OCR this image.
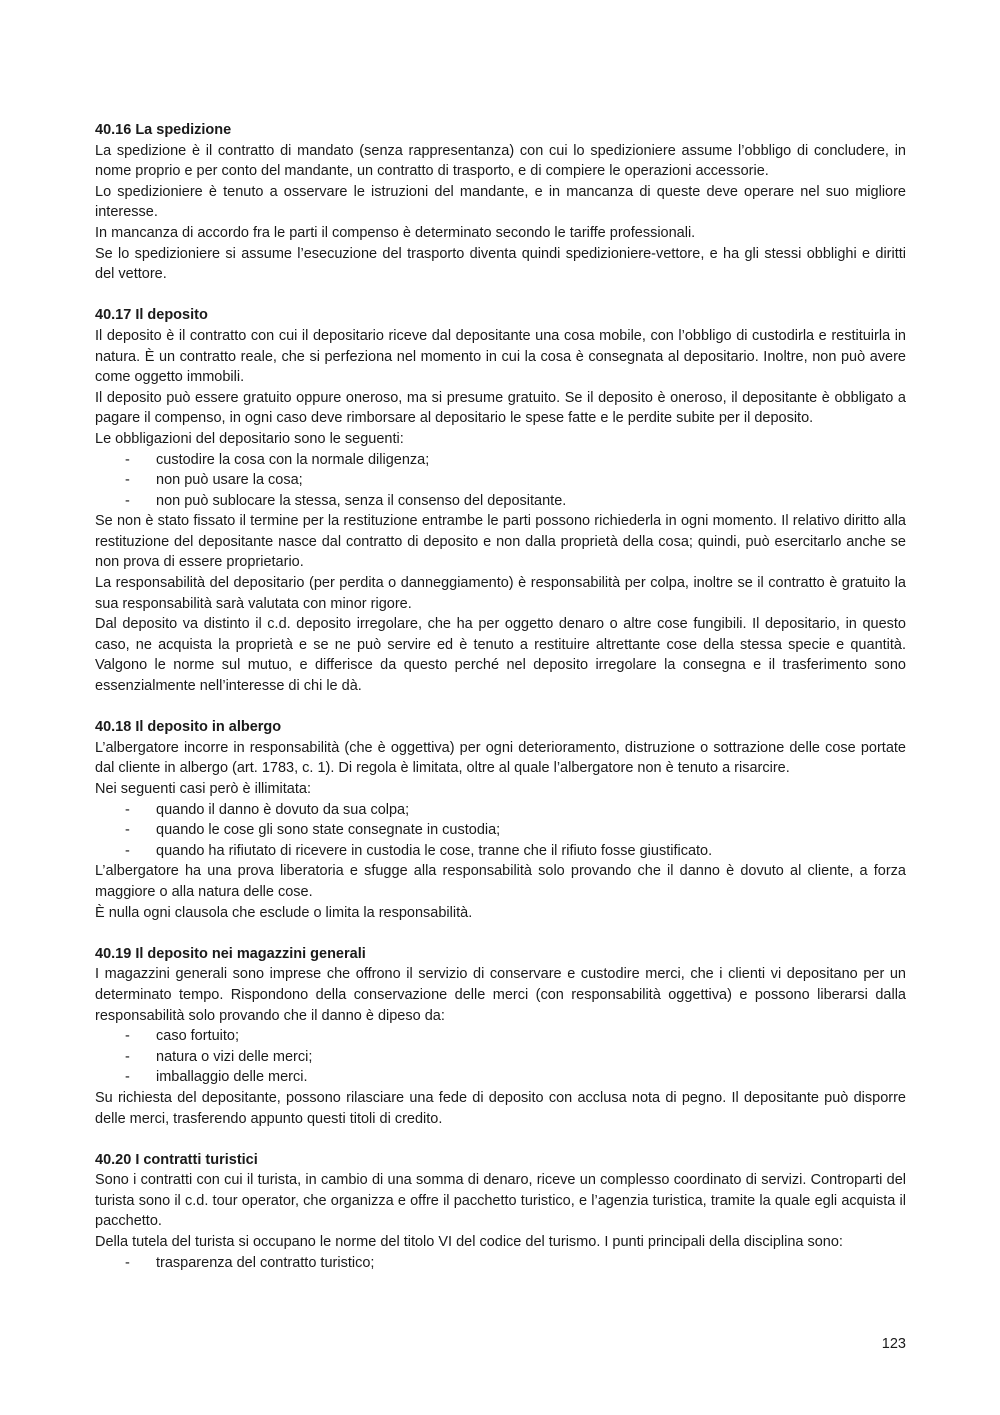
40.16 La spedizione

La spedizione è il contratto di mandato (senza rappresentanza) con cui lo spedizioniere assume l’obbligo di concludere, in nome proprio e per conto del mandante, un contratto di trasporto, e di compiere le operazioni accessorie.

Lo spedizioniere è tenuto a osservare le istruzioni del mandante, e in mancanza di queste deve operare nel suo migliore interesse.

In mancanza di accordo fra le parti il compenso è determinato secondo le tariffe professionali.

Se lo spedizioniere si assume l’esecuzione del trasporto diventa quindi spedizioniere-vettore, e ha gli stessi obblighi e diritti del vettore.

40.17 Il deposito

Il deposito è il contratto con cui il depositario riceve dal depositante una cosa mobile, con l’obbligo di custodirla e restituirla in natura. È un contratto reale, che si perfeziona nel momento in cui la cosa è consegnata al depositario. Inoltre, non può avere come oggetto immobili.

Il deposito può essere gratuito oppure oneroso, ma si presume gratuito. Se il deposito è oneroso, il depositante è obbligato a pagare il compenso, in ogni caso deve rimborsare al depositario le spese fatte e le perdite subite per il deposito.

Le obbligazioni del depositario sono le seguenti:

- custodire la cosa con la normale diligenza;
- non può usare la cosa;
- non può sublocare la stessa, senza il consenso del depositante.

Se non è stato fissato il termine per la restituzione entrambe le parti possono richiederla in ogni momento. Il relativo diritto alla restituzione del depositante nasce dal contratto di deposito e non dalla proprietà della cosa; quindi, può esercitarlo anche se non prova di essere proprietario.

La responsabilità del depositario (per perdita o danneggiamento) è responsabilità per colpa, inoltre se il contratto è gratuito la sua responsabilità sarà valutata con minor rigore.

Dal deposito va distinto il c.d. deposito irregolare, che ha per oggetto denaro o altre cose fungibili. Il depositario, in questo caso, ne acquista la proprietà e se ne può servire ed è tenuto a restituire altrettante cose della stessa specie e quantità. Valgono le norme sul mutuo, e differisce da questo perché nel deposito irregolare la consegna e il trasferimento sono essenzialmente nell’interesse di chi le dà.

40.18 Il deposito in albergo

L’albergatore incorre in responsabilità (che è oggettiva) per ogni deterioramento, distruzione o sottrazione delle cose portate dal cliente in albergo (art. 1783, c. 1). Di regola è limitata, oltre al quale l’albergatore non è tenuto a risarcire.

Nei seguenti casi però è illimitata:

- quando il danno è dovuto da sua colpa;
- quando le cose gli sono state consegnate in custodia;
- quando ha rifiutato di ricevere in custodia le cose, tranne che il rifiuto fosse giustificato.

L’albergatore ha una prova liberatoria e sfugge alla responsabilità solo provando che il danno è dovuto al cliente, a forza maggiore o alla natura delle cose.

È nulla ogni clausola che esclude o limita la responsabilità.

40.19 Il deposito nei magazzini generali

I magazzini generali sono imprese che offrono il servizio di conservare e custodire merci, che i clienti vi depositano per un determinato tempo. Rispondono della conservazione delle merci (con responsabilità oggettiva) e possono liberarsi dalla responsabilità solo provando che il danno è dipeso da:

- caso fortuito;
- natura o vizi delle merci;
- imballaggio delle merci.

Su richiesta del depositante, possono rilasciare una fede di deposito con acclusa nota di pegno. Il depositante può disporre delle merci, trasferendo appunto questi titoli di credito.

40.20 I contratti turistici

Sono i contratti con cui il turista, in cambio di una somma di denaro, riceve un complesso coordinato di servizi. Controparti del turista sono il c.d. tour operator, che organizza e offre il pacchetto turistico, e l’agenzia turistica, tramite la quale egli acquista il pacchetto.

Della tutela del turista si occupano le norme del titolo VI del codice del turismo. I punti principali della disciplina sono:

- trasparenza del contratto turistico;
123
